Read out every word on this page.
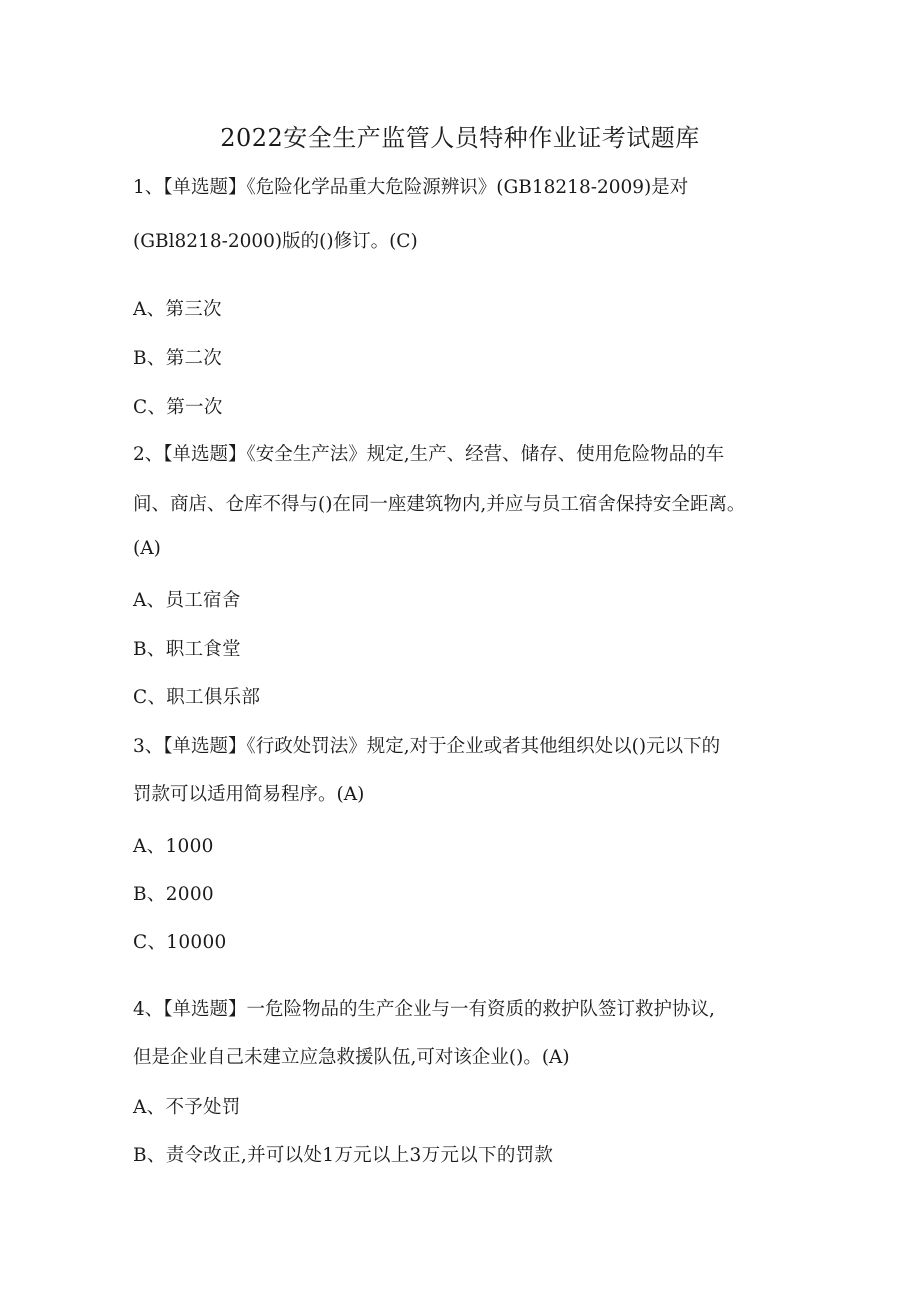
2022安全生产监管人员特种作业证考试题库
1、【单选题】《危险化学品重大危险源辨识》(GB18218-2009)是对
(GBl8218-2000)版的()修订。(C)
A、第三次
B、第二次
C、第一次
2、【单选题】《安全生产法》规定,生产、经营、储存、使用危险物品的车
间、商店、仓库不得与()在同一座建筑物内,并应与员工宿舍保持安全距离。
(A)
A、员工宿舍
B、职工食堂
C、职工俱乐部
3、【单选题】《行政处罚法》规定,对于企业或者其他组织处以()元以下的
罚款可以适用简易程序。(A)
A、1000
B、2000
C、10000
4、【单选题】一危险物品的生产企业与一有资质的救护队签订救护协议,
但是企业自己未建立应急救援队伍,可对该企业()。(A)
A、不予处罚
B、责令改正,并可以处1万元以上3万元以下的罚款
